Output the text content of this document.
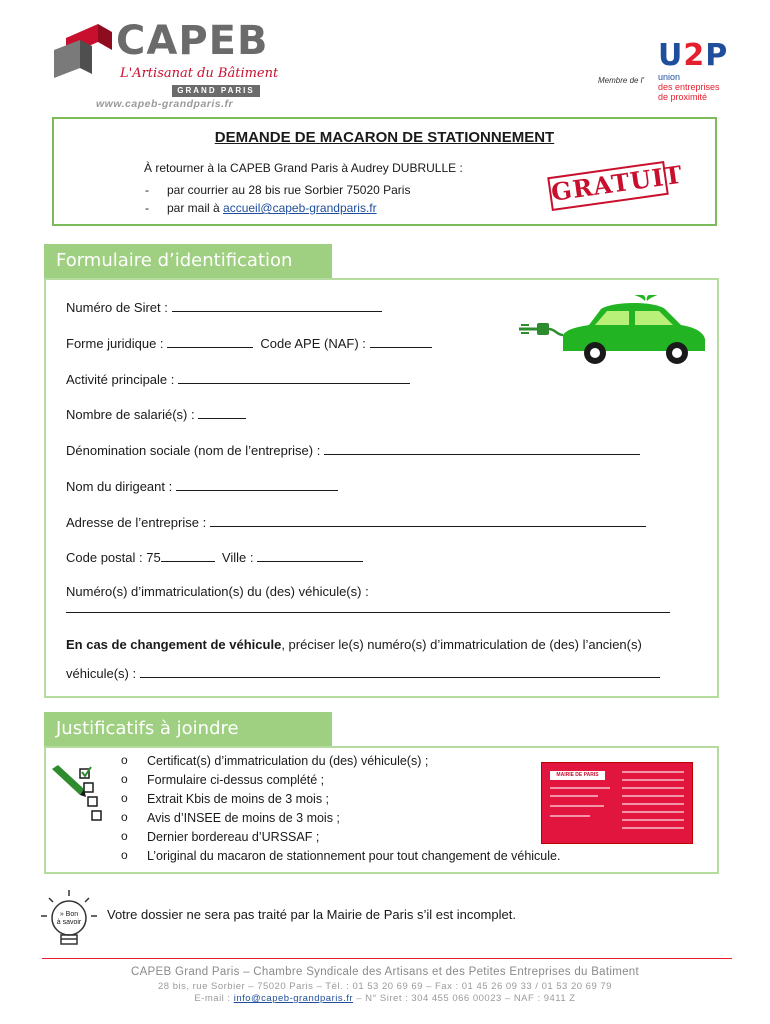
CAPEB
L'Artisanat du Bâtiment
GRAND PARIS
www.capeb-grandparis.fr
Membre de l'
U2P
union
des entreprises
de proximité
DEMANDE DE MACARON DE STATIONNEMENT
À retourner à la CAPEB Grand Paris à Audrey DUBRULLE :
- par courrier au 28 bis rue Sorbier 75020 Paris
- par mail à accueil@capeb-grandparis.fr
GRATUIT
Formulaire d’identification
Numéro de Siret :
Forme juridique :	Code APE (NAF) :
Activité principale :
Nombre de salarié(s) :
Dénomination sociale (nom de l’entreprise) :
Nom du dirigeant :
Adresse de l’entreprise :
Code postal : 75	Ville :
Numéro(s) d’immatriculation(s) du (des) véhicule(s) :
En cas de changement de véhicule, préciser le(s) numéro(s) d’immatriculation de (des) l’ancien(s)
véhicule(s) :
Justificatifs à joindre
o Certificat(s) d’immatriculation du (des) véhicule(s) ;
o Formulaire ci-dessus complété ;
o Extrait Kbis de moins de 3 mois ;
o Avis d’INSEE de moins de 3 mois ;
o Dernier bordereau d’URSSAF ;
o L’original du macaron de stationnement pour tout changement de véhicule.
MAIRIE DE PARIS
» Bon
à savoir
Votre dossier ne sera pas traité par la Mairie de Paris s’il est incomplet.
CAPEB Grand Paris – Chambre Syndicale des Artisans et des Petites Entreprises du Batiment
28 bis, rue Sorbier – 75020 Paris – Tél. : 01 53 20 69 69 – Fax : 01 45 26 09 33 / 01 53 20 69 79
E-mail : info@capeb-grandparis.fr – N° Siret : 304 455 066 00023 – NAF : 9411 Z
